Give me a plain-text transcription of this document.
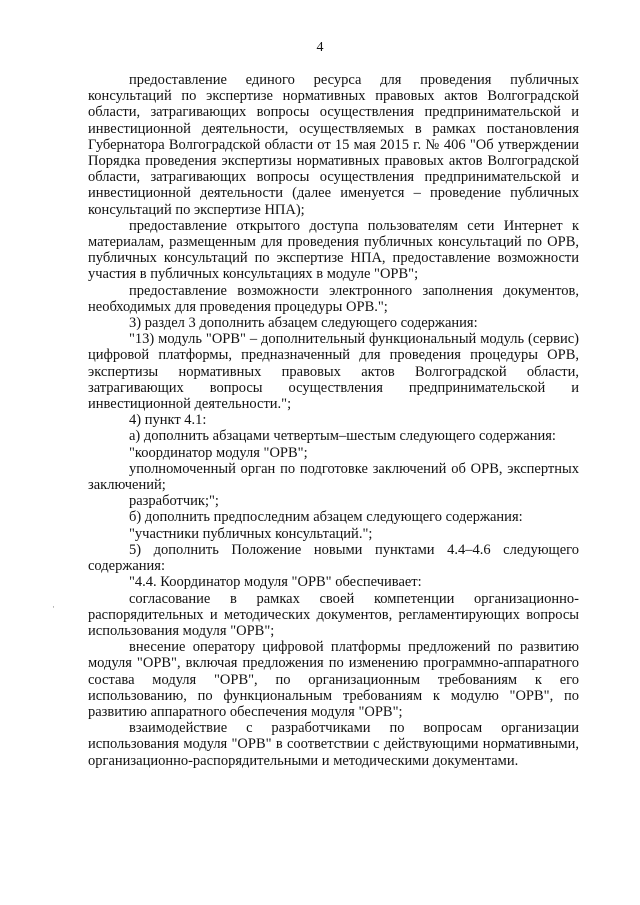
4
·

предоставление единого ресурса для проведения публичных консультаций по экспертизе нормативных правовых актов Волгоградской области, затрагивающих вопросы осуществления предпринимательской и инвестиционной деятельности, осуществляемых в рамках постановления Губернатора Волгоградской области от 15 мая 2015 г. № 406 "Об утверждении Порядка проведения экспертизы нормативных правовых актов Волгоградской области, затрагивающих вопросы осуществления предпринимательской и инвестиционной деятельности (далее именуется – проведение публичных консультаций по экспертизе НПА);

предоставление открытого доступа пользователям сети Интернет к материалам, размещенным для проведения публичных консультаций по ОРВ, публичных консультаций по экспертизе НПА, предоставление возможности участия в публичных консультациях в модуле "ОРВ";

предоставление возможности электронного заполнения документов, необходимых для проведения процедуры ОРВ.";

3) раздел 3 дополнить абзацем следующего содержания:

"13) модуль "ОРВ" – дополнительный функциональный модуль (сервис) цифровой платформы, предназначенный для проведения процедуры ОРВ, экспертизы нормативных правовых актов Волгоградской области, затрагивающих вопросы осуществления предпринимательской и инвестиционной деятельности.";

4) пункт 4.1:

а) дополнить абзацами четвертым–шестым следующего содержания:

"координатор модуля "ОРВ";

уполномоченный орган по подготовке заключений об ОРВ, экспертных заключений;

разработчик;";

б) дополнить предпоследним абзацем следующего содержания:

"участники публичных консультаций.";

5) дополнить Положение новыми пунктами 4.4–4.6 следующего содержания:

"4.4. Координатор модуля "ОРВ" обеспечивает:

согласование в рамках своей компетенции организационно-распорядительных и методических документов, регламентирующих вопросы использования модуля "ОРВ";

внесение оператору цифровой платформы предложений по развитию модуля "ОРВ", включая предложения по изменению программно-аппаратного состава модуля "ОРВ", по организационным требованиям к его использованию, по функциональным требованиям к модулю "ОРВ", по развитию аппаратного обеспечения модуля "ОРВ";

взаимодействие с разработчиками по вопросам организации использования модуля "ОРВ" в соответствии с действующими нормативными, организационно-распорядительными и методическими документами.
